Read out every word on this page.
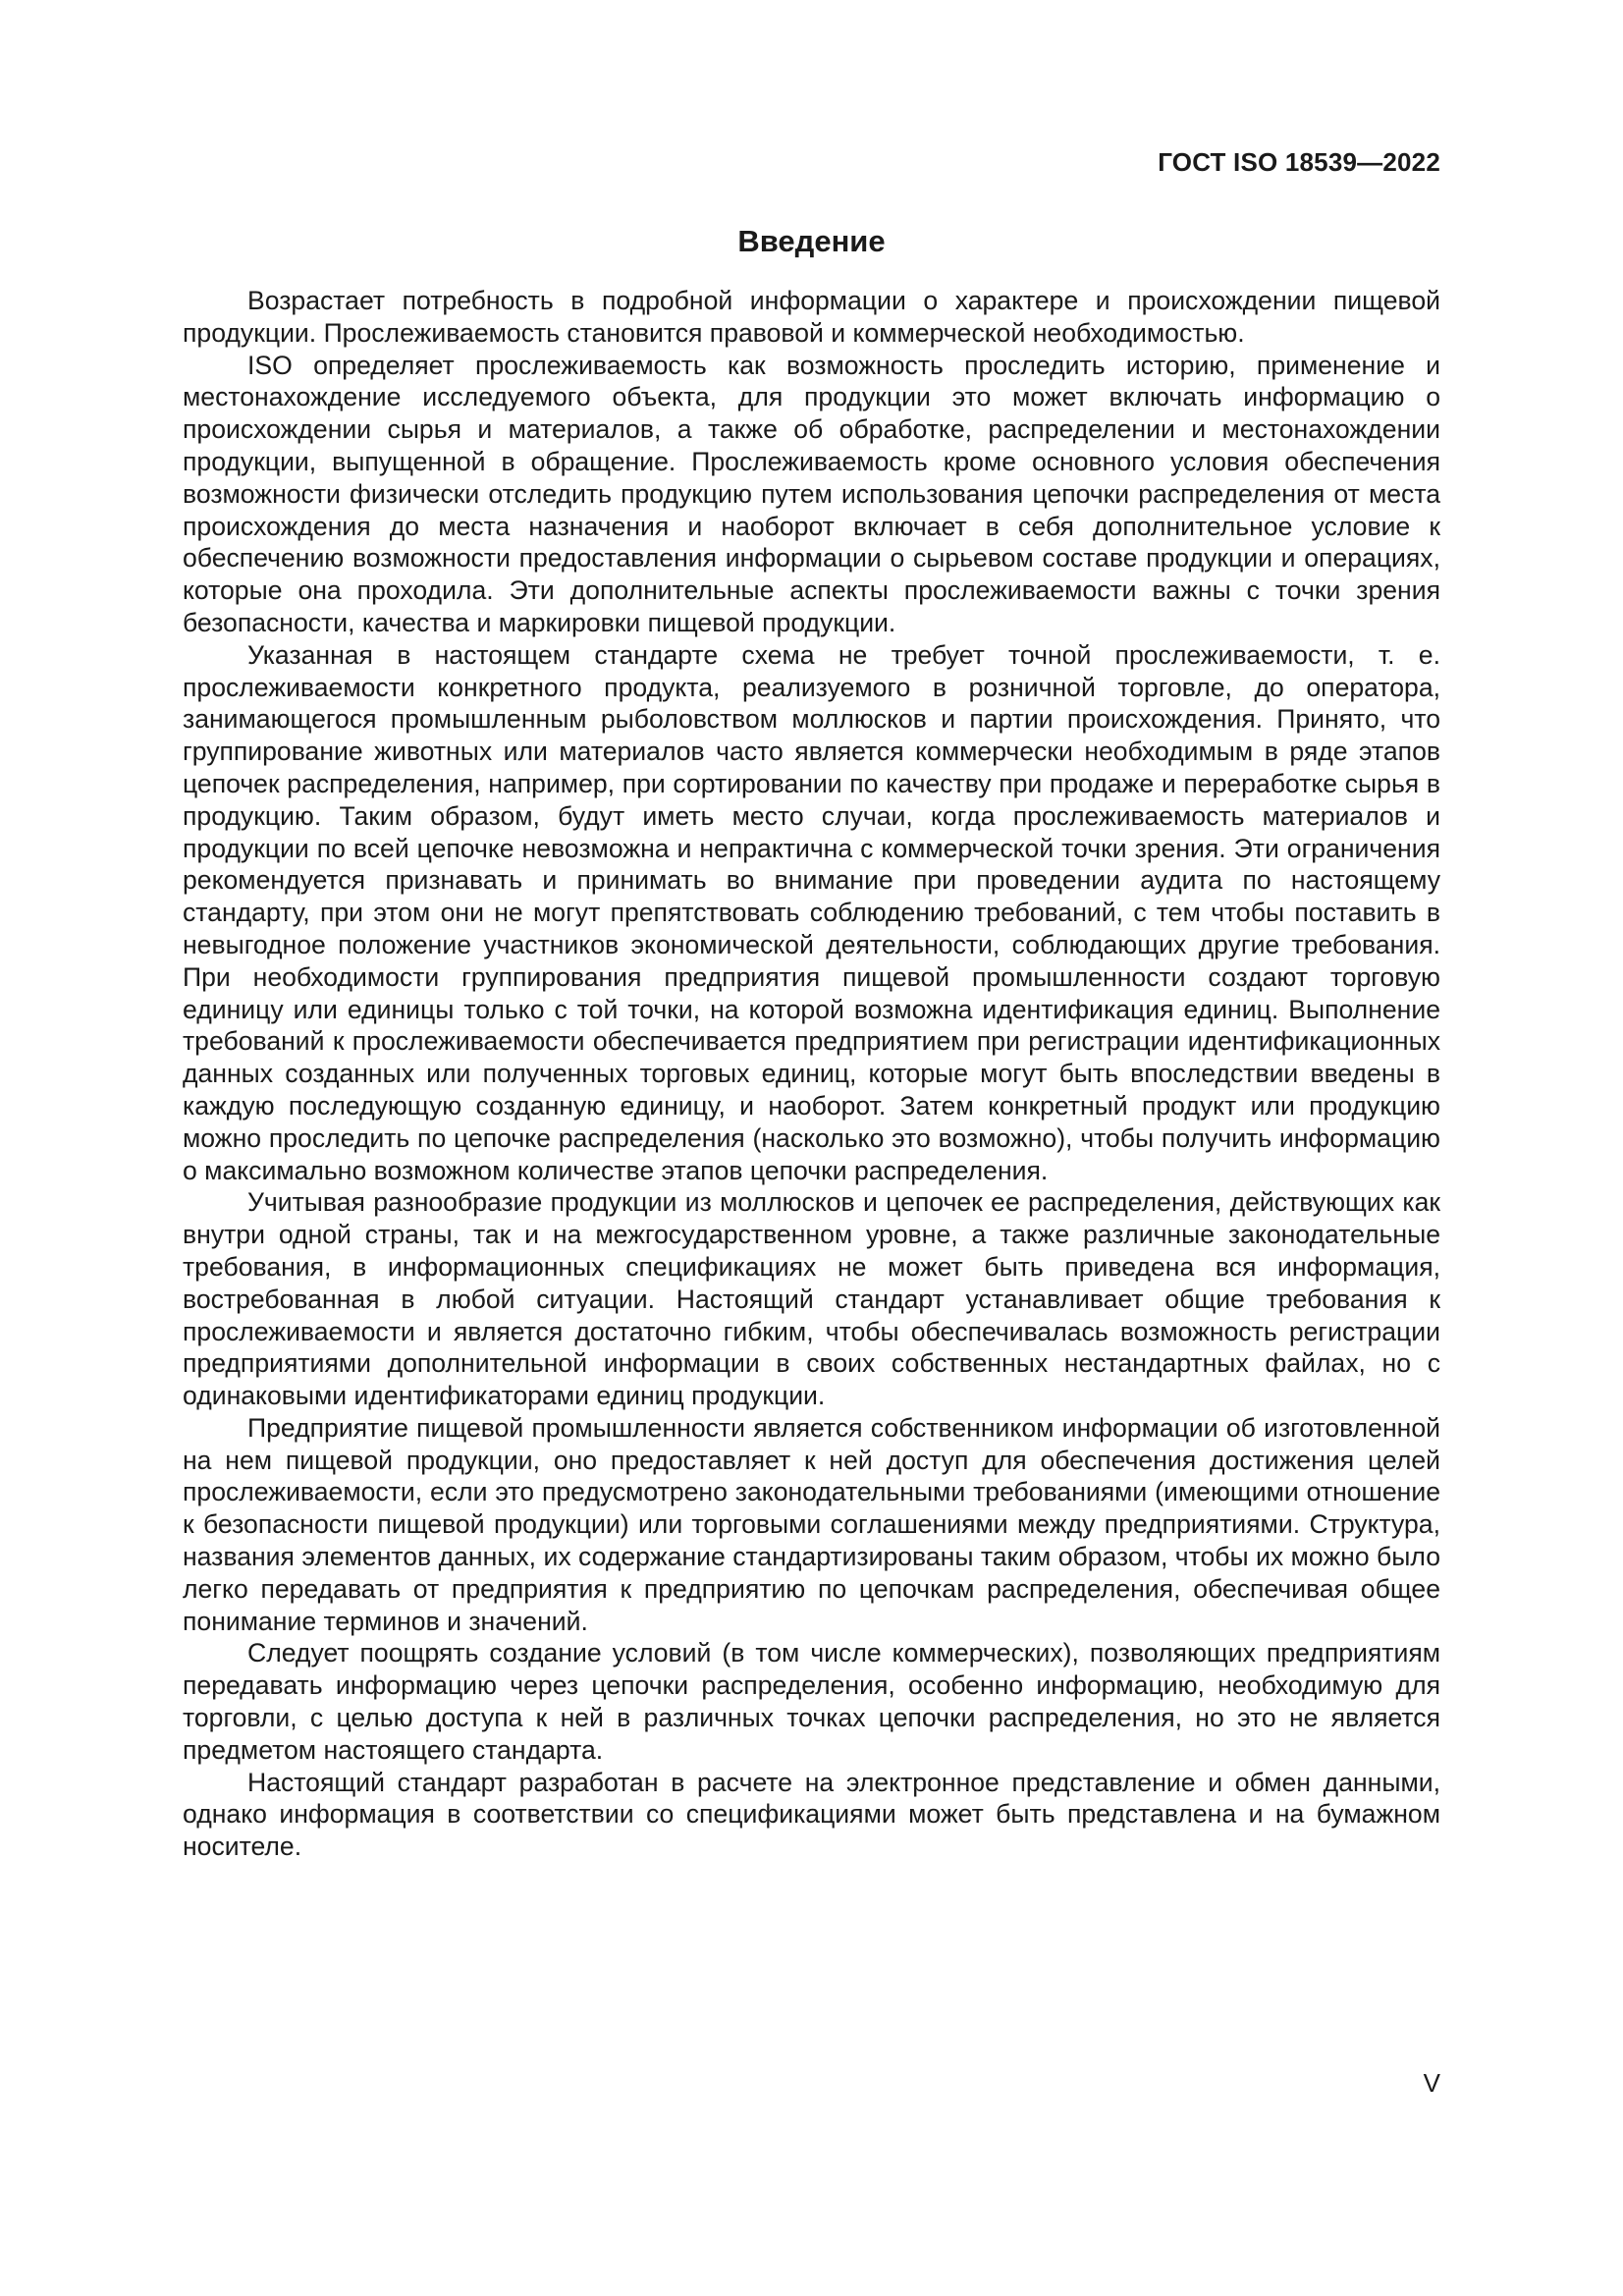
ГОСТ ISO 18539—2022
Введение

Возрастает потребность в подробной информации о характере и происхождении пищевой продукции. Прослеживаемость становится правовой и коммерческой необходимостью.

ISO определяет прослеживаемость как возможность проследить историю, применение и местонахождение исследуемого объекта, для продукции это может включать информацию о происхождении сырья и материалов, а также об обработке, распределении и местонахождении продукции, выпущенной в обращение. Прослеживаемость кроме основного условия обеспечения возможности физически отследить продукцию путем использования цепочки распределения от места происхождения до места назначения и наоборот включает в себя дополнительное условие к обеспечению возможности предоставления информации о сырьевом составе продукции и операциях, которые она проходила. Эти дополнительные аспекты прослеживаемости важны с точки зрения безопасности, качества и маркировки пищевой продукции.

Указанная в настоящем стандарте схема не требует точной прослеживаемости, т. е. прослеживаемости конкретного продукта, реализуемого в розничной торговле, до оператора, занимающегося промышленным рыболовством моллюсков и партии происхождения. Принято, что группирование животных или материалов часто является коммерчески необходимым в ряде этапов цепочек распределения, например, при сортировании по качеству при продаже и переработке сырья в продукцию. Таким образом, будут иметь место случаи, когда прослеживаемость материалов и продукции по всей цепочке невозможна и непрактична с коммерческой точки зрения. Эти ограничения рекомендуется признавать и принимать во внимание при проведении аудита по настоящему стандарту, при этом они не могут препятствовать соблюдению требований, с тем чтобы поставить в невыгодное положение участников экономической деятельности, соблюдающих другие требования. При необходимости группирования предприятия пищевой промышленности создают торговую единицу или единицы только с той точки, на которой возможна идентификация единиц. Выполнение требований к прослеживаемости обеспечивается предприятием при регистрации идентификационных данных созданных или полученных торговых единиц, которые могут быть впоследствии введены в каждую последующую созданную единицу, и наоборот. Затем конкретный продукт или продукцию можно проследить по цепочке распределения (насколько это возможно), чтобы получить информацию о максимально возможном количестве этапов цепочки распределения.

Учитывая разнообразие продукции из моллюсков и цепочек ее распределения, действующих как внутри одной страны, так и на межгосударственном уровне, а также различные законодательные требования, в информационных спецификациях не может быть приведена вся информация, востребованная в любой ситуации. Настоящий стандарт устанавливает общие требования к прослеживаемости и является достаточно гибким, чтобы обеспечивалась возможность регистрации предприятиями дополнительной информации в своих собственных нестандартных файлах, но с одинаковыми идентификаторами единиц продукции.

Предприятие пищевой промышленности является собственником информации об изготовленной на нем пищевой продукции, оно предоставляет к ней доступ для обеспечения достижения целей прослеживаемости, если это предусмотрено законодательными требованиями (имеющими отношение к безопасности пищевой продукции) или торговыми соглашениями между предприятиями. Структура, названия элементов данных, их содержание стандартизированы таким образом, чтобы их можно было легко передавать от предприятия к предприятию по цепочкам распределения, обеспечивая общее понимание терминов и значений.

Следует поощрять создание условий (в том числе коммерческих), позволяющих предприятиям передавать информацию через цепочки распределения, особенно информацию, необходимую для торговли, с целью доступа к ней в различных точках цепочки распределения, но это не является предметом настоящего стандарта.

Настоящий стандарт разработан в расчете на электронное представление и обмен данными, однако информация в соответствии со спецификациями может быть представлена и на бумажном носителе.

V
